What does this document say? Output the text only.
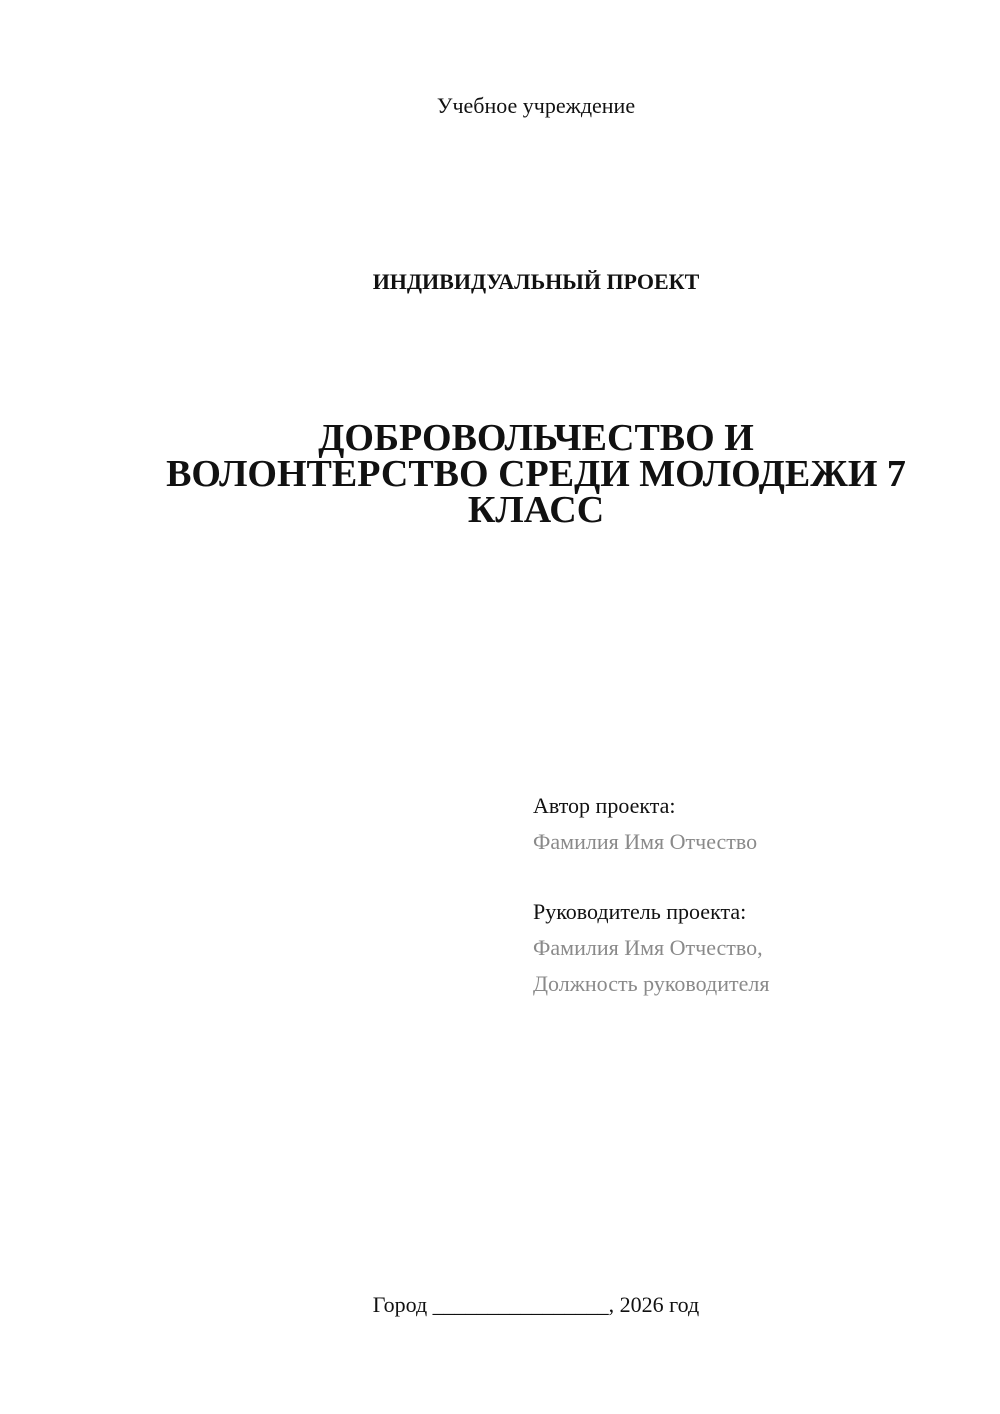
Учебное учреждение
ИНДИВИДУАЛЬНЫЙ ПРОЕКТ
ДОБРОВОЛЬЧЕСТВО И
ВОЛОНТЕРСТВО СРЕДИ МОЛОДЕЖИ 7
КЛАСС
Автор проекта:
Фамилия Имя Отчество
Руководитель проекта:
Фамилия Имя Отчество,
Должность руководителя
Город ________________, 2026 год
